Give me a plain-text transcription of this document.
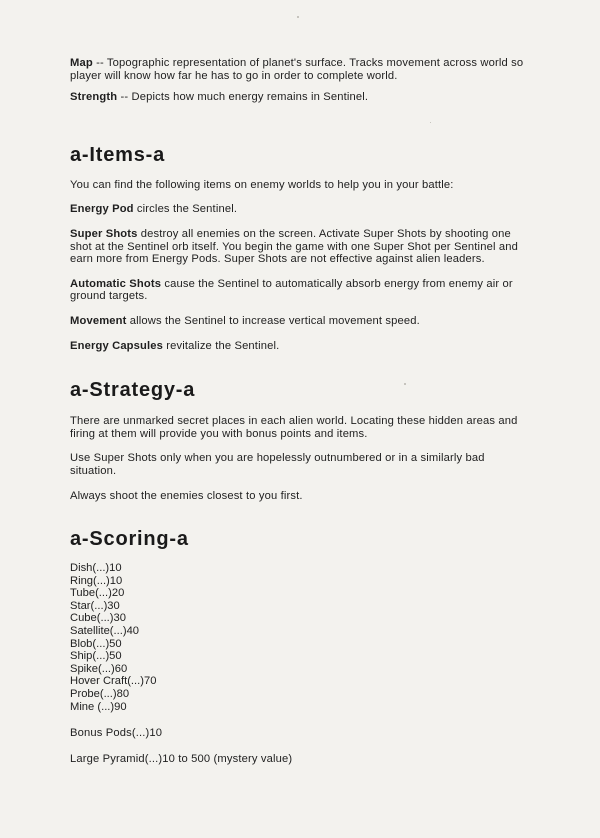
Map -- Topographic representation of planet's surface. Tracks movement across world so player will know how far he has to go in order to complete world.

Strength -- Depicts how much energy remains in Sentinel.

a-Items-a

You can find the following items on enemy worlds to help you in your battle:

Energy Pod circles the Sentinel.

Super Shots destroy all enemies on the screen. Activate Super Shots by shooting one shot at the Sentinel orb itself. You begin the game with one Super Shot per Sentinel and earn more from Energy Pods. Super Shots are not effective against alien leaders.

Automatic Shots cause the Sentinel to automatically absorb energy from enemy air or ground targets.

Movement allows the Sentinel to increase vertical movement speed.

Energy Capsules revitalize the Sentinel.

a-Strategy-a

There are unmarked secret places in each alien world. Locating these hidden areas and firing at them will provide you with bonus points and items.

Use Super Shots only when you are hopelessly outnumbered or in a similarly bad situation.

Always shoot the enemies closest to you first.

a-Scoring-a
Dish(...)10
Ring(...)10
Tube(...)20
Star(...)30
Cube(...)30
Satellite(...)40
Blob(...)50
Ship(...)50
Spike(...)60
Hover Craft(...)70
Probe(...)80
Mine (...)90

Bonus Pods(...)10

Large Pyramid(...)10 to 500 (mystery value)
